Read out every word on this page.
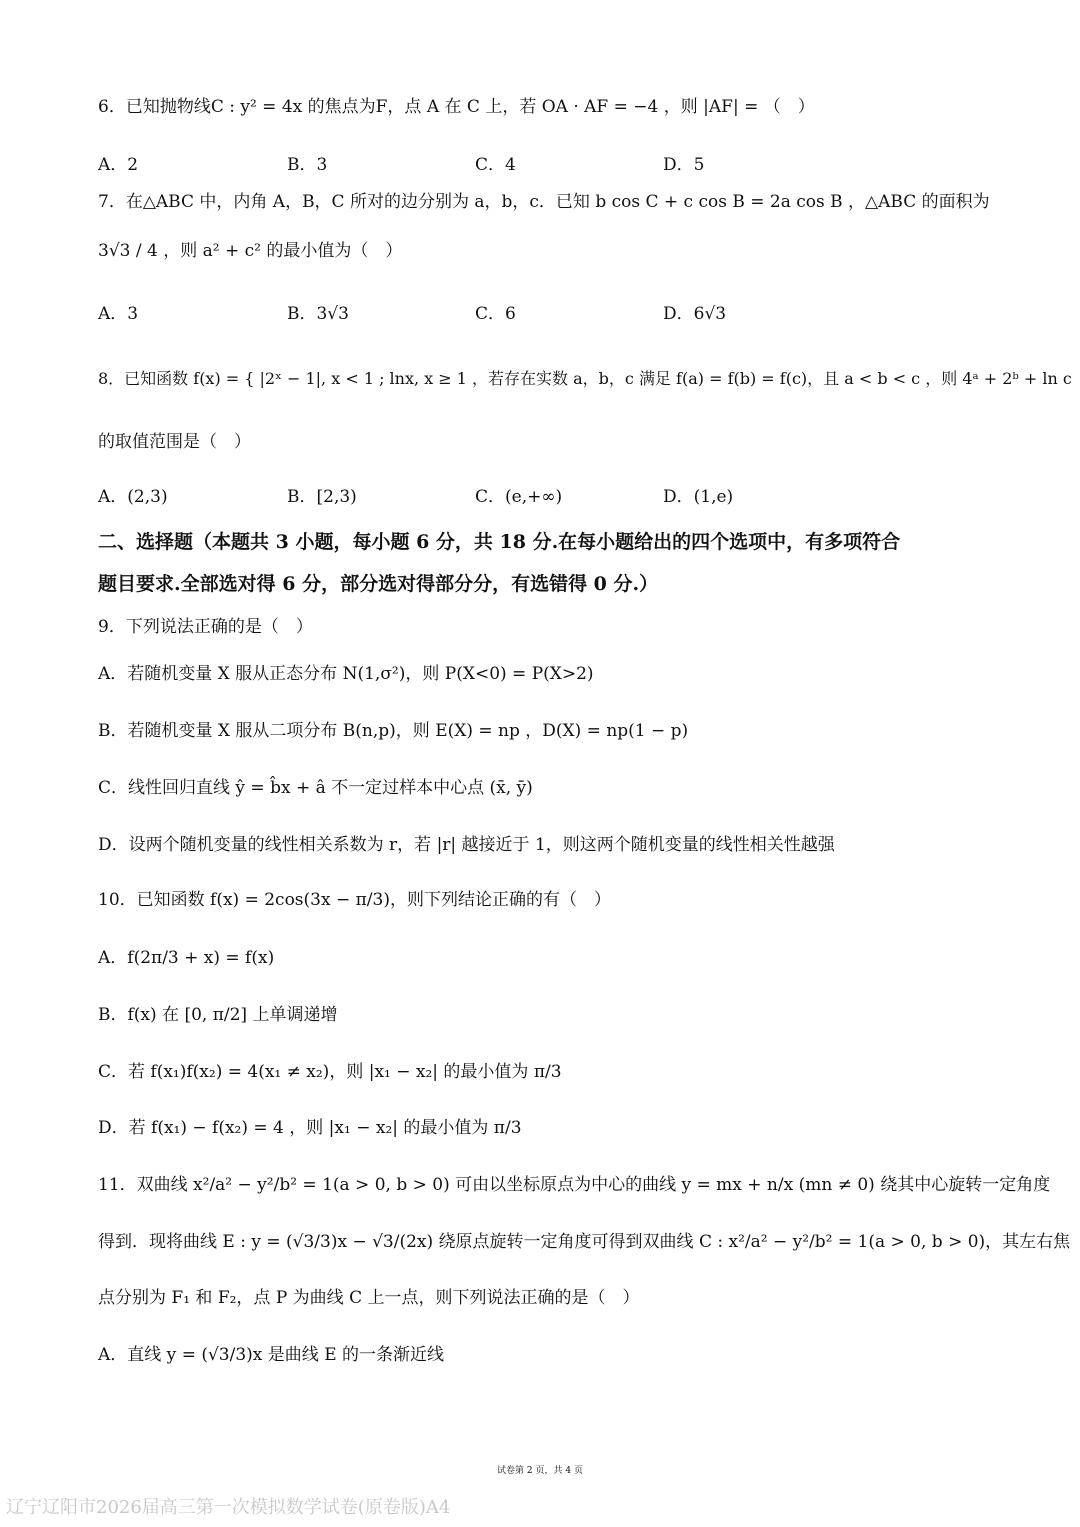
6．已知抛物线C : y² = 4x 的焦点为F，点 A 在 C 上，若 OA · AF = −4 ，则 |AF| = （　）
A．2	B．3	C．4	D．5
7．在△ABC 中，内角 A，B，C 所对的边分别为 a，b，c．已知 b cos C + c cos B = 2a cos B ，△ABC 的面积为
3√3 / 4 ，则 a² + c² 的最小值为（　）
A．3	B．3√3	C．6	D．6√3
8．已知函数 f(x) = { |2ˣ − 1|, x < 1 ; lnx, x ≥ 1 ，若存在实数 a，b，c 满足 f(a) = f(b) = f(c)，且 a < b < c ，则 4ᵃ + 2ᵇ + ln c
的取值范围是（　）
A．(2,3)	B．[2,3)	C．(e,+∞)	D．(1,e)
二、选择题（本题共 3 小题，每小题 6 分，共 18 分.在每小题给出的四个选项中，有多项符合
题目要求.全部选对得 6 分，部分选对得部分分，有选错得 0 分.）
9．下列说法正确的是（　）
A．若随机变量 X 服从正态分布 N(1,σ²)，则 P(X<0) = P(X>2)
B．若随机变量 X 服从二项分布 B(n,p)，则 E(X) = np ，D(X) = np(1 − p)
C．线性回归直线 ŷ = b̂x + â 不一定过样本中心点 (x̄, ȳ)
D．设两个随机变量的线性相关系数为 r，若 |r| 越接近于 1，则这两个随机变量的线性相关性越强
10．已知函数 f(x) = 2cos(3x − π/3)，则下列结论正确的有（　）
A．f(2π/3 + x) = f(x)
B．f(x) 在 [0, π/2] 上单调递增
C．若 f(x₁)f(x₂) = 4(x₁ ≠ x₂)，则 |x₁ − x₂| 的最小值为 π/3
D．若 f(x₁) − f(x₂) = 4 ，则 |x₁ − x₂| 的最小值为 π/3
11．双曲线 x²/a² − y²/b² = 1(a > 0, b > 0) 可由以坐标原点为中心的曲线 y = mx + n/x (mn ≠ 0) 绕其中心旋转一定角度
得到．现将曲线 E : y = (√3/3)x − √3/(2x) 绕原点旋转一定角度可得到双曲线 C : x²/a² − y²/b² = 1(a > 0, b > 0)，其左右焦
点分别为 F₁ 和 F₂，点 P 为曲线 C 上一点，则下列说法正确的是（　）
A．直线 y = (√3/3)x 是曲线 E 的一条渐近线
试卷第 2 页，共 4 页
辽宁辽阳市2026届高三第一次模拟数学试卷(原卷版)A4
